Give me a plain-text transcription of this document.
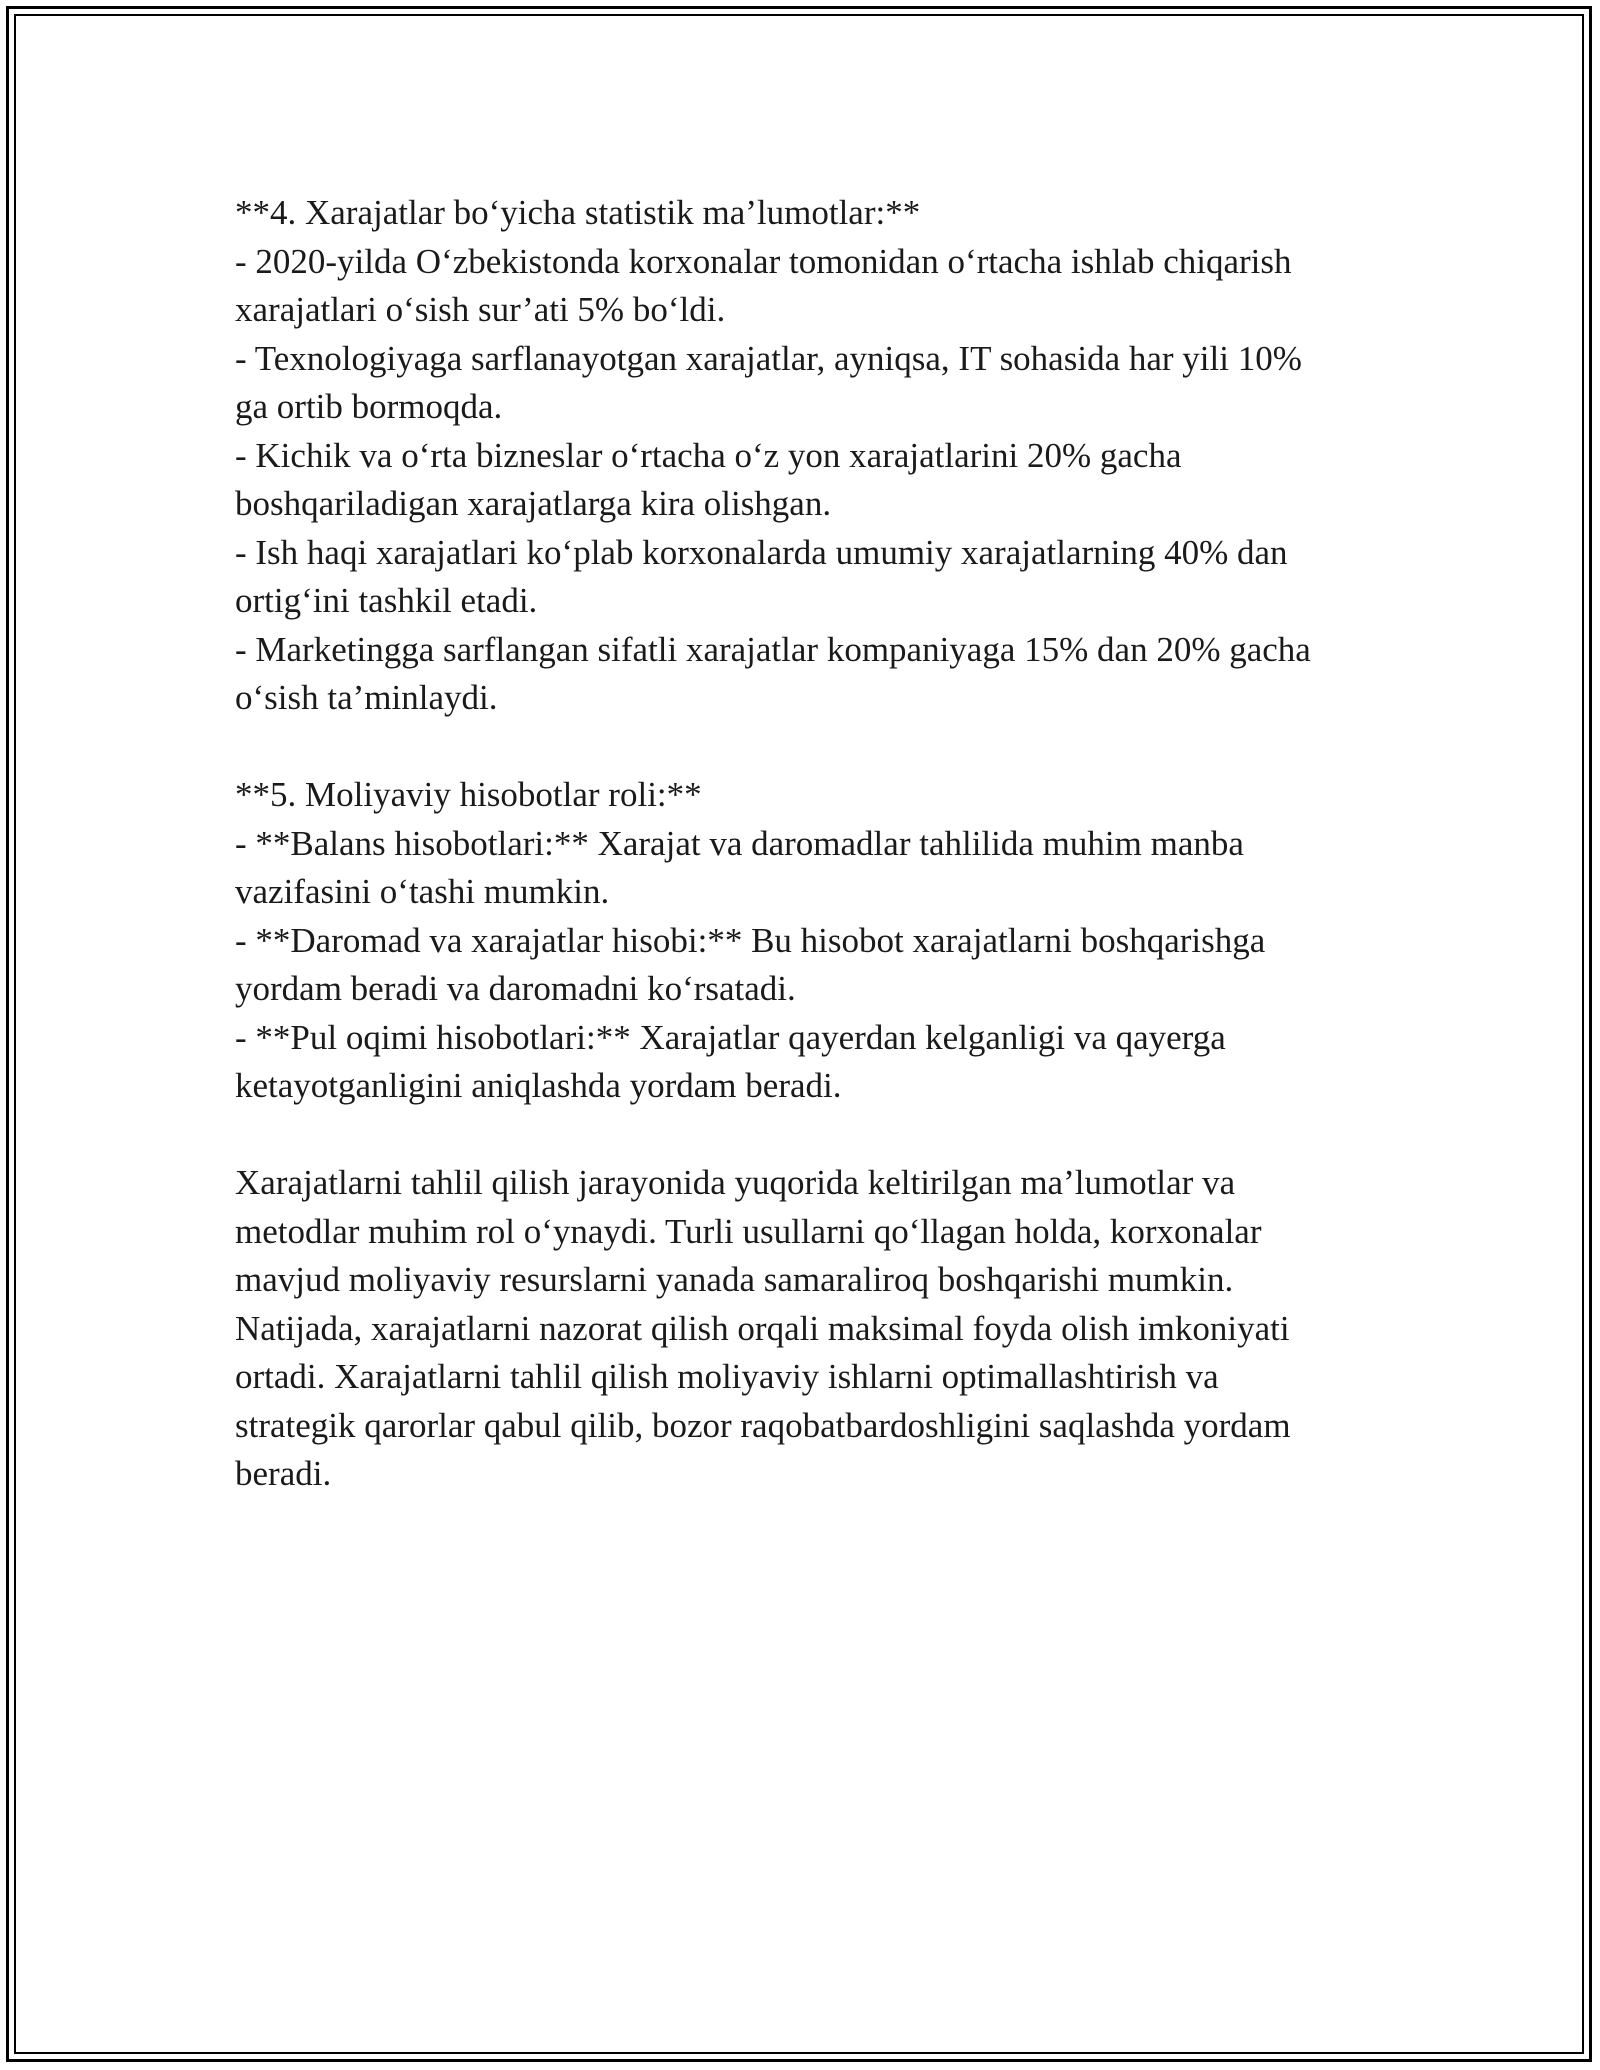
**4. Xarajatlar bo‘yicha statistik ma’lumotlar:**
- 2020-yilda O‘zbekistonda korxonalar tomonidan o‘rtacha ishlab chiqarish
xarajatlari o‘sish sur’ati 5% bo‘ldi.
- Texnologiyaga sarflanayotgan xarajatlar, ayniqsa, IT sohasida har yili 10%
ga ortib bormoqda.
- Kichik va o‘rta bizneslar o‘rtacha o‘z yon xarajatlarini 20% gacha
boshqariladigan xarajatlarga kira olishgan.
- Ish haqi xarajatlari ko‘plab korxonalarda umumiy xarajatlarning 40% dan
ortig‘ini tashkil etadi.
- Marketingga sarflangan sifatli xarajatlar kompaniyaga 15% dan 20% gacha
o‘sish ta’minlaydi.
**5. Moliyaviy hisobotlar roli:**
- **Balans hisobotlari:** Xarajat va daromadlar tahlilida muhim manba
vazifasini o‘tashi mumkin.
- **Daromad va xarajatlar hisobi:** Bu hisobot xarajatlarni boshqarishga
yordam beradi va daromadni ko‘rsatadi.
- **Pul oqimi hisobotlari:** Xarajatlar qayerdan kelganligi va qayerga
ketayotganligini aniqlashda yordam beradi.
Xarajatlarni tahlil qilish jarayonida yuqorida keltirilgan ma’lumotlar va
metodlar muhim rol o‘ynaydi. Turli usullarni qo‘llagan holda, korxonalar
mavjud moliyaviy resurslarni yanada samaraliroq boshqarishi mumkin.
Natijada, xarajatlarni nazorat qilish orqali maksimal foyda olish imkoniyati
ortadi. Xarajatlarni tahlil qilish moliyaviy ishlarni optimallashtirish va
strategik qarorlar qabul qilib, bozor raqobatbardoshligini saqlashda yordam
beradi.
